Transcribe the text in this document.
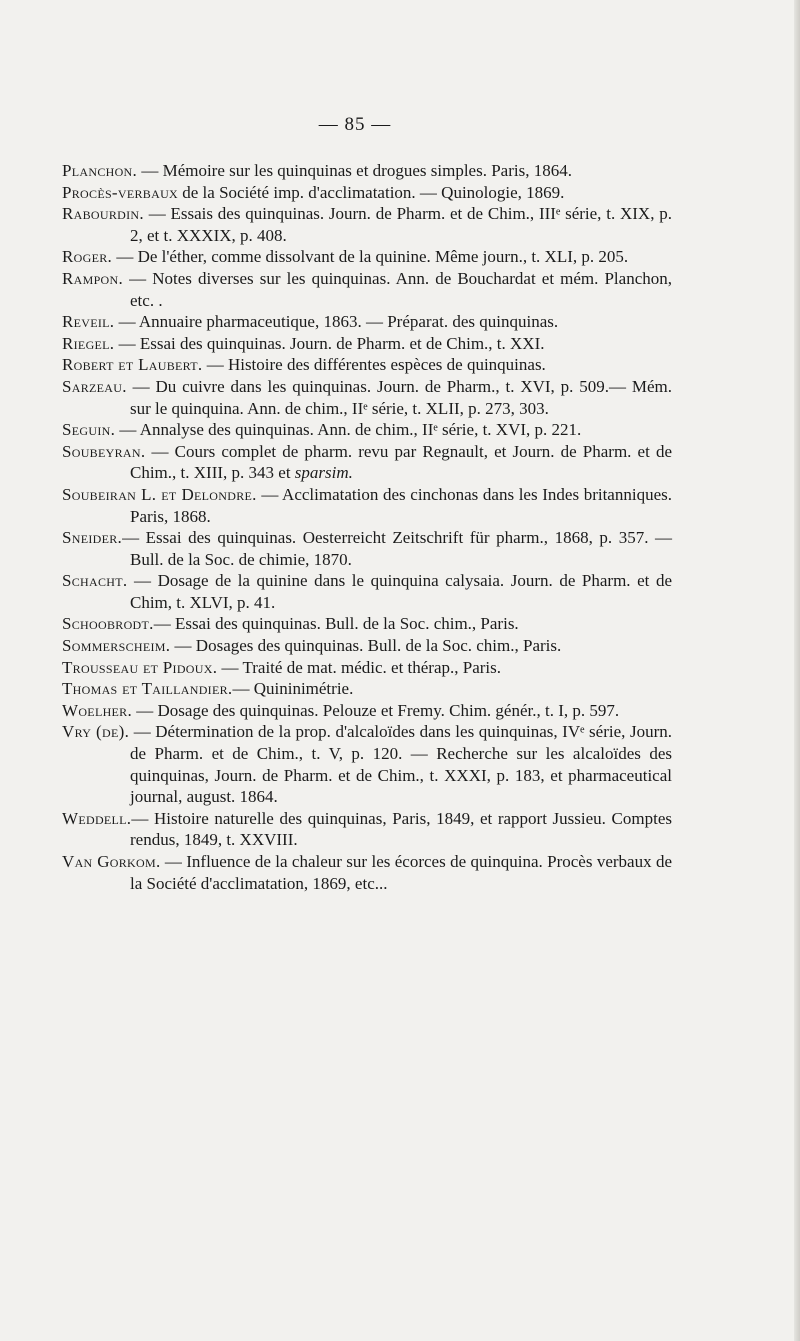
— 85 —
Planchon. — Mémoire sur les quinquinas et drogues simples. Paris, 1864.
Procès-verbaux de la Société imp. d'acclimatation. — Quinologie, 1869.
Rabourdin. — Essais des quinquinas. Journ. de Pharm. et de Chim., IIIᵉ série, t. XIX, p. 2, et t. XXXIX, p. 408.
Roger. — De l'éther, comme dissolvant de la quinine. Même journ., t. XLI, p. 205.
Rampon. — Notes diverses sur les quinquinas. Ann. de Bouchardat et mém. Planchon, etc. .
Reveil. — Annuaire pharmaceutique, 1863. — Préparat. des quinquinas.
Riegel. — Essai des quinquinas. Journ. de Pharm. et de Chim., t. XXI.
Robert et Laubert. — Histoire des différentes espèces de quinquinas.
Sarzeau. — Du cuivre dans les quinquinas. Journ. de Pharm., t. XVI, p. 509.— Mém. sur le quinquina. Ann. de chim., IIᵉ série, t. XLII, p. 273, 303.
Seguin. — Annalyse des quinquinas. Ann. de chim., IIᵉ série, t. XVI, p. 221.
Soubeyran. — Cours complet de pharm. revu par Regnault, et Journ. de Pharm. et de Chim., t. XIII, p. 343 et sparsim.
Soubeiran L. et Delondre. — Acclimatation des cinchonas dans les Indes britanniques. Paris, 1868.
Sneider.— Essai des quinquinas. Oesterreicht Zeitschrift für pharm., 1868, p. 357. — Bull. de la Soc. de chimie, 1870.
Schacht. — Dosage de la quinine dans le quinquina calysaia. Journ. de Pharm. et de Chim, t. XLVI, p. 41.
Schoobrodt.— Essai des quinquinas. Bull. de la Soc. chim., Paris.
Sommerscheim. — Dosages des quinquinas. Bull. de la Soc. chim., Paris.
Trousseau et Pidoux. — Traité de mat. médic. et thérap., Paris.
Thomas et Taillandier.— Quininimétrie.
Woelher. — Dosage des quinquinas. Pelouze et Fremy. Chim. génér., t. I, p. 597.
Vry (de). — Détermination de la prop. d'alcaloïdes dans les quinquinas, IVᵉ série, Journ. de Pharm. et de Chim., t. V, p. 120. — Recherche sur les alcaloïdes des quinquinas, Journ. de Pharm. et de Chim., t. XXXI, p. 183, et pharmaceutical journal, august. 1864.
Weddell.— Histoire naturelle des quinquinas, Paris, 1849, et rapport Jussieu. Comptes rendus, 1849, t. XXVIII.
Van Gorkom. — Influence de la chaleur sur les écorces de quinquina. Procès verbaux de la Société d'acclimatation, 1869, etc...
